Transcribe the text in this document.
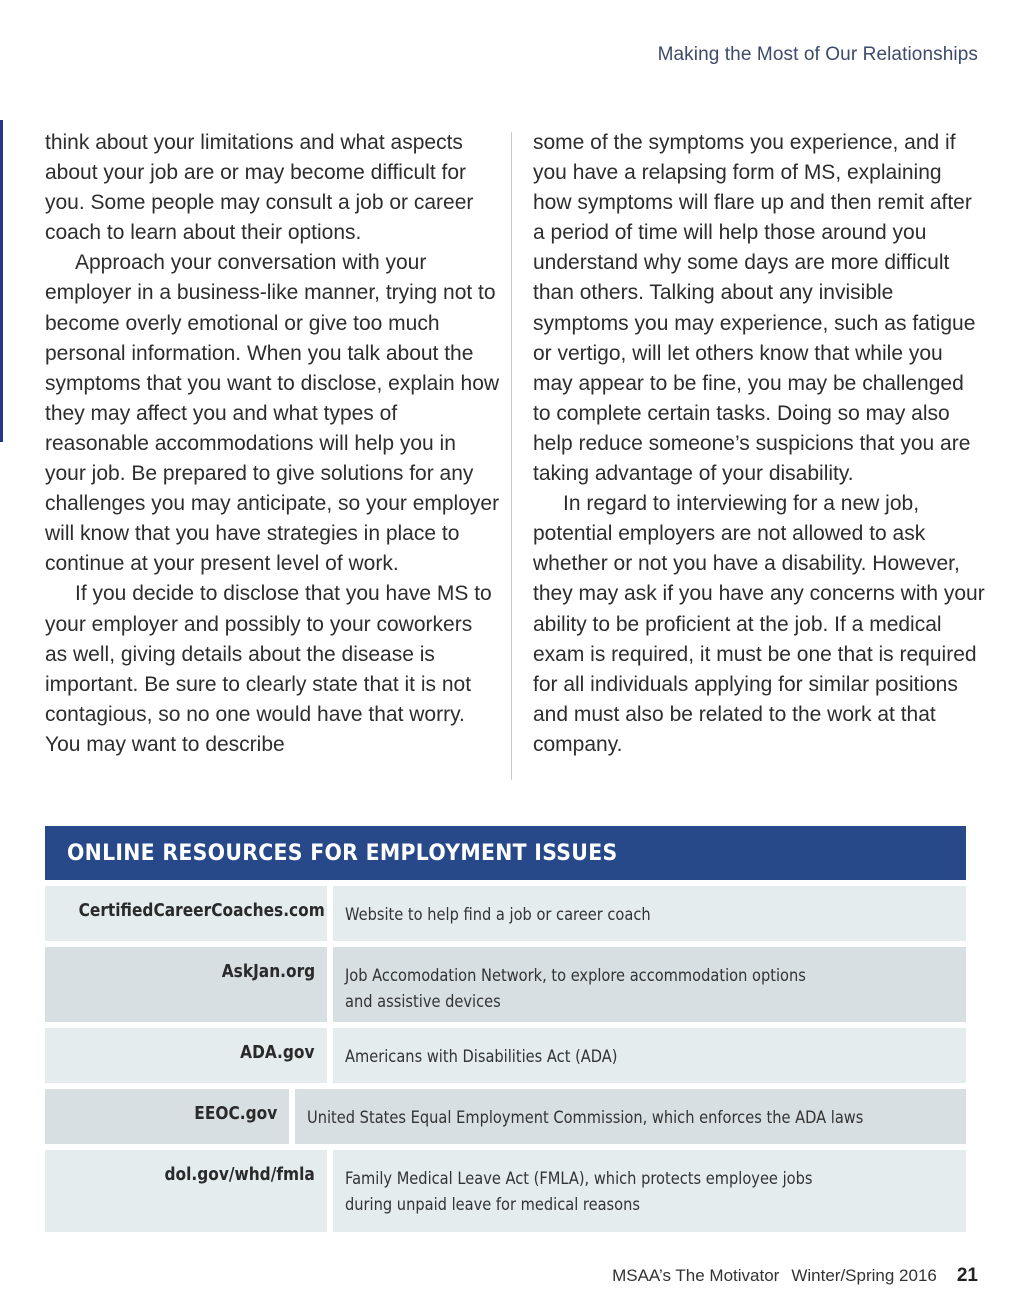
Making the Most of Our Relationships

think about your limitations and what aspects about your job are or may become difficult for you. Some people may consult a job or career coach to learn about their options.

Approach your conversation with your employer in a business-like manner, trying not to become overly emotional or give too much personal information. When you talk about the symptoms that you want to disclose, explain how they may affect you and what types of reasonable accommodations will help you in your job. Be prepared to give solutions for any challenges you may anticipate, so your employer will know that you have strategies in place to continue at your present level of work.

If you decide to disclose that you have MS to your employer and possibly to your coworkers as well, giving details about the disease is important. Be sure to clearly state that it is not contagious, so no one would have that worry. You may want to describe

some of the symptoms you experience, and if you have a relapsing form of MS, explaining how symptoms will flare up and then remit after a period of time will help those around you understand why some days are more difficult than others. Talking about any invisible symptoms you may experience, such as fatigue or vertigo, will let others know that while you may appear to be fine, you may be challenged to complete certain tasks. Doing so may also help reduce someone’s suspicions that you are taking advantage of your disability.

In regard to interviewing for a new job, potential employers are not allowed to ask whether or not you have a disability. However, they may ask if you have any concerns with your ability to be proficient at the job. If a medical exam is required, it must be one that is required for all individuals applying for similar positions and must also be related to the work at that company.

ONLINE RESOURCES FOR EMPLOYMENT ISSUES
CertifiedCareerCoaches.com Website to help find a job or career coach
AskJan.org	Job Accomodation Network, to explore accommodation options
and assistive devices
ADA.gov	Americans with Disabilities Act (ADA)
EEOC.gov	United States Equal Employment Commission, which enforces the ADA laws
dol.gov/whd/fmla	Family Medical Leave Act (FMLA), which protects employee jobs
during unpaid leave for medical reasons
MSAA’s The Motivator Winter/Spring 2016 21
